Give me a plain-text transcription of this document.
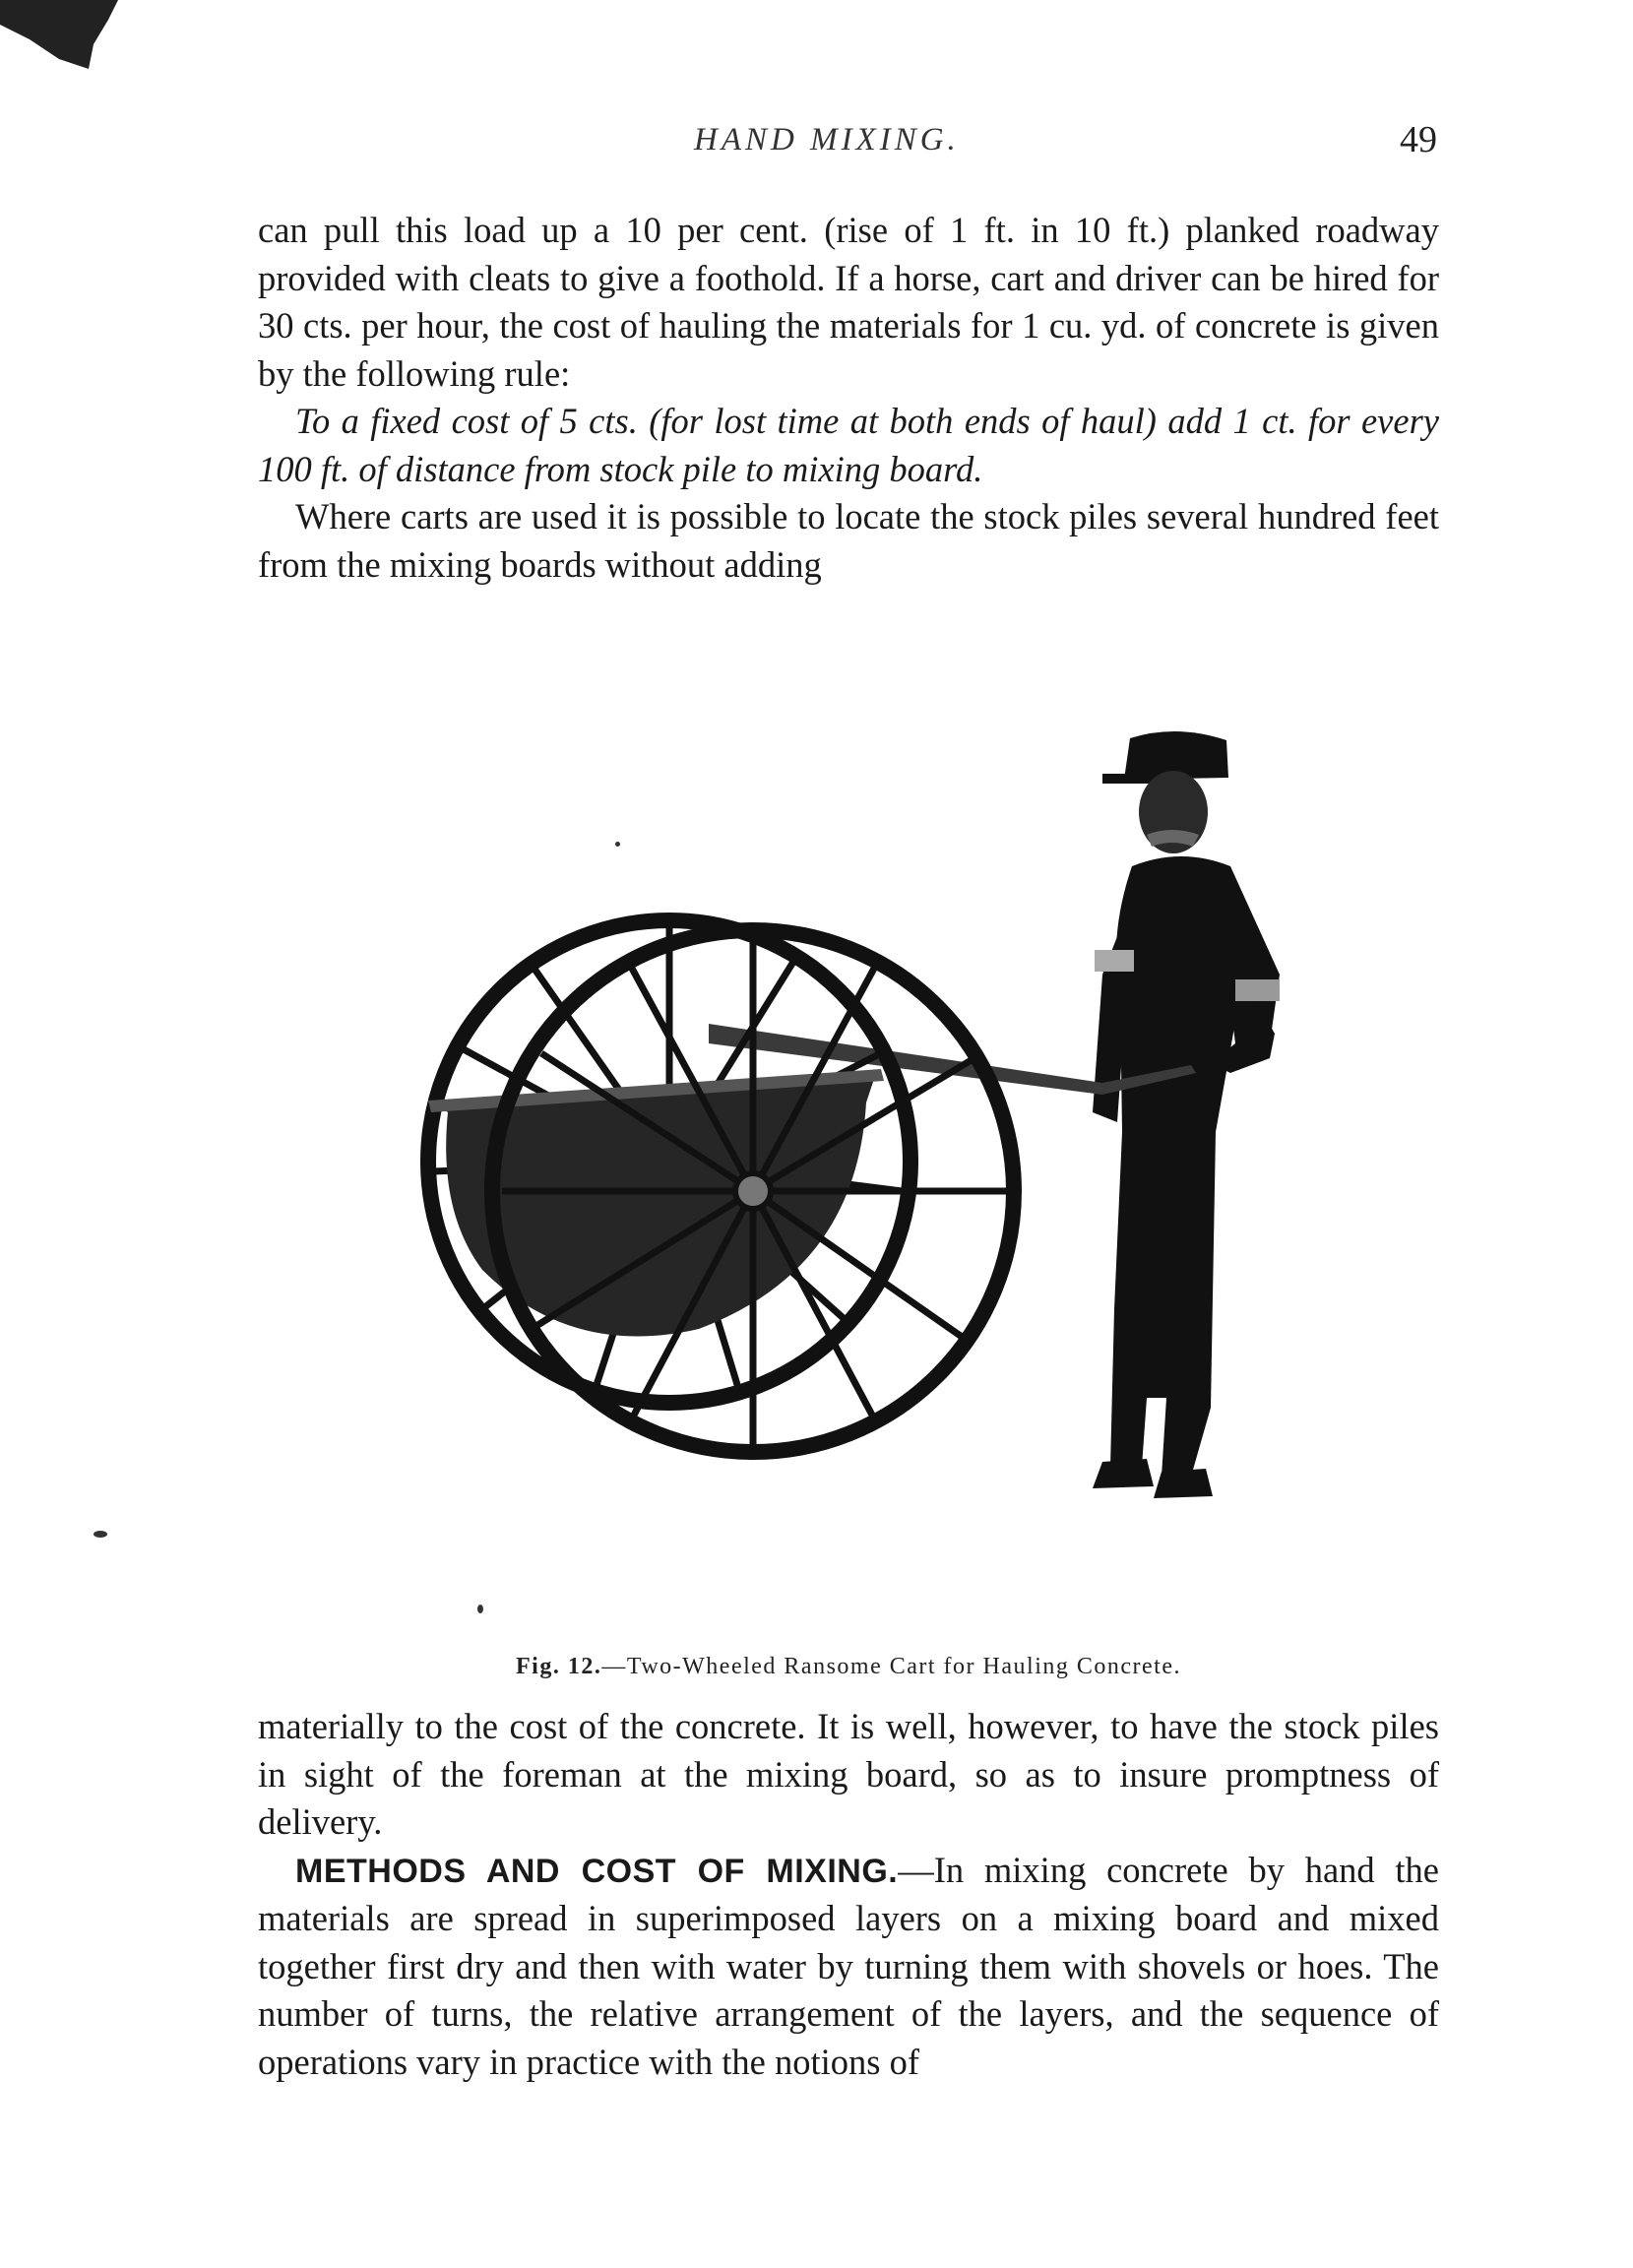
HAND MIXING.	49

can pull this load up a 10 per cent. (rise of 1 ft. in 10 ft.) planked roadway provided with cleats to give a foothold. If a horse, cart and driver can be hired for 30 cts. per hour, the cost of hauling the materials for 1 cu. yd. of concrete is given by the following rule:

To a fixed cost of 5 cts. (for lost time at both ends of haul) add 1 ct. for every 100 ft. of distance from stock pile to mixing board.

Where carts are used it is possible to locate the stock piles several hundred feet from the mixing boards without adding

Fig. 12.—Two-Wheeled Ransome Cart for Hauling Concrete.

materially to the cost of the concrete. It is well, however, to have the stock piles in sight of the foreman at the mixing board, so as to insure promptness of delivery.

METHODS AND COST OF MIXING.—In mixing concrete by hand the materials are spread in superimposed layers on a mixing board and mixed together first dry and then with water by turning them with shovels or hoes. The number of turns, the relative arrangement of the layers, and the sequence of operations vary in practice with the notions of
